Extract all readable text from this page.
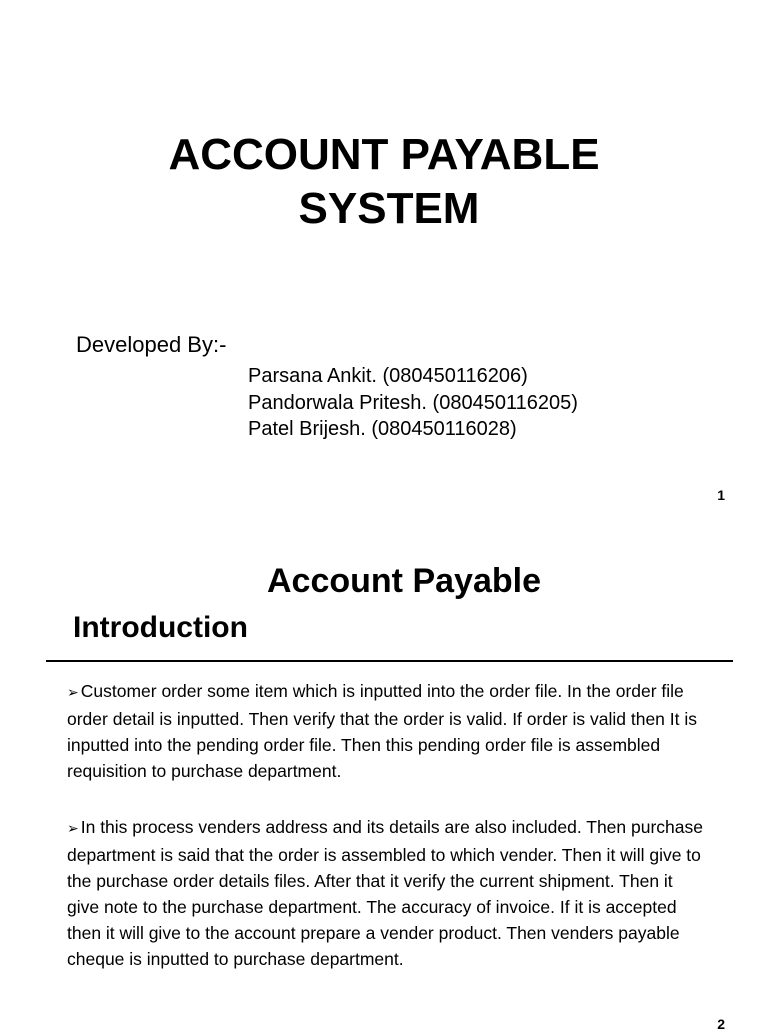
ACCOUNT PAYABLE
SYSTEM

Developed By:-

Parsana Ankit. (080450116206)
Pandorwala Pritesh. (080450116205)
Patel Brijesh. (080450116028)
1
Account Payable
Introduction

➢ Customer order some item which is inputted into the order file. In the order file order detail is inputted. Then verify that the order is valid. If order is valid then It is inputted into the pending order file. Then this pending order file is assembled requisition to purchase department.

➢ In this process venders address and its details are also included. Then purchase department is said that the order is assembled to which vender. Then it will give to the purchase order details files. After that it verify the current shipment. Then it give note to the purchase department. The accuracy of invoice. If it is accepted then it will give to the account prepare a vender product. Then venders payable cheque is inputted to purchase department.

2
